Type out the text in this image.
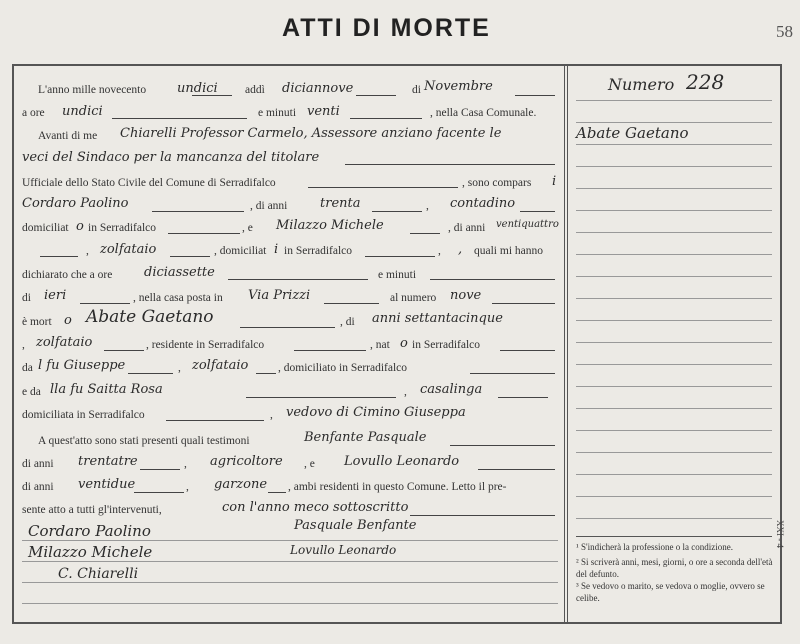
ATTI DI MORTE	58
XXI - 4
L'anno mille novecento undici addì diciannove	di Novembre
a ore undici	e minuti venti	, nella Casa Comunale.
Avanti di me Chiarelli Professor Carmelo, Assessore anziano facente le
veci del Sindaco per la mancanza del titolare
Ufficiale dello Stato Civile del Comune di Serradifalco	, sono compars i
Cordaro Paolino	, di anni	trenta	, contadino
domiciliat o in Serradifalco	, e Milazzo Michele	, di anni ventiquattro
, zolfataio	, domiciliat i in Serradifalco	, , quali mi hanno
dichiarato che a ore diciassette	e minuti
di ieri	, nella casa posta in Via Prizzi	al numero nove
è mort o Abate Gaetano	, di anni settantacinque
, zolfataio	, residente in Serradifalco	, nat o in Serradifalco
da l fu Giuseppe	, zolfataio	, domiciliato in Serradifalco
e da lla fu Saitta Rosa	, casalinga
domiciliata in Serradifalco	, vedovo di Cimino Giuseppa
A quest'atto sono stati presenti quali testimoni	Benfante Pasquale
di anni trentatre	, agricoltore , e Lovullo Leonardo
di anni ventidue	, garzone , ambi residenti in questo Comune. Letto il pre-
sente atto a tutti gl'intervenuti,	con l'anno meco sottoscritto
Cordaro Paolino	Pasquale Benfante
Milazzo Michele	Lovullo Leonardo
C. Chiarelli
Numero 228
Abate Gaetano
¹ S'indicherà la professione o la condizione.
² Si scriverà anni, mesi, giorni, o ore a seconda dell'età del defunto.
³ Se vedovo o marito, se vedova o moglie, ovvero se celibe.
